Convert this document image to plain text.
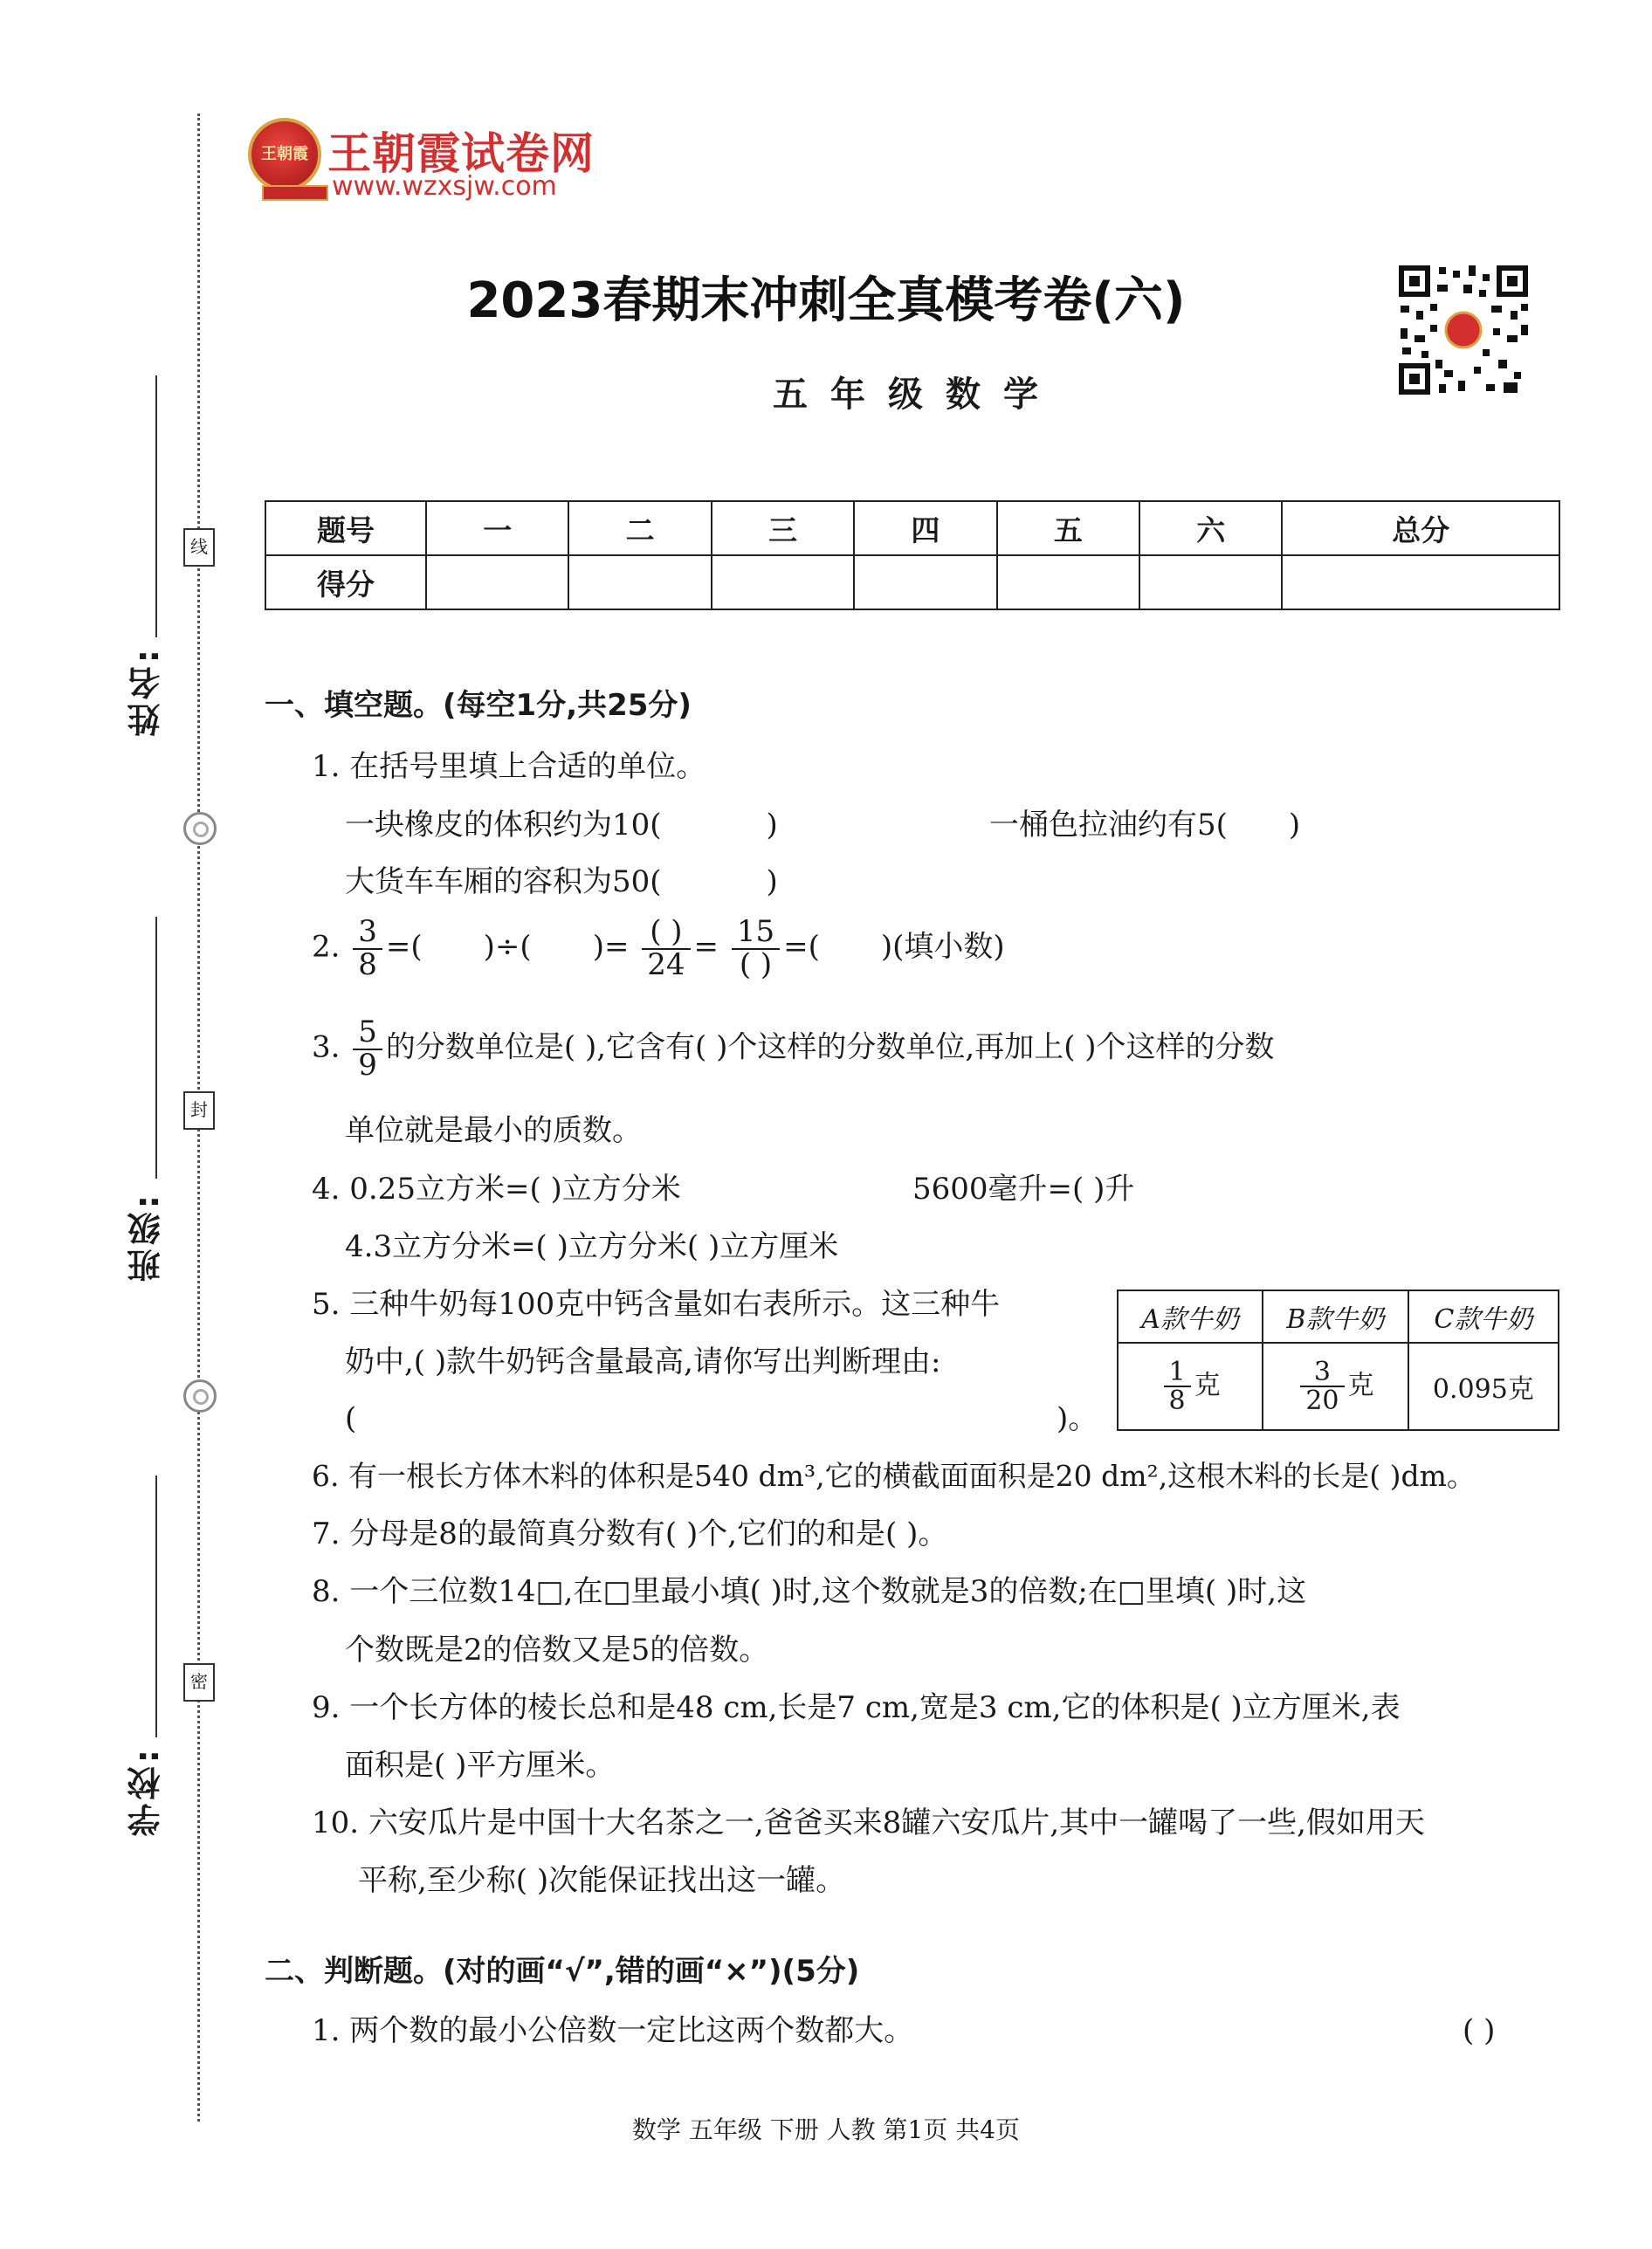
姓名:
班级:
学校:
线
封
密
王朝霞 王朝霞试卷网
www.wzxsjw.com
2023春期末冲刺全真模考卷(六)
五年级数学
题号	一	二	三	四	五	六	总分
得分							
一、填空题。(每空1分,共25分)
1. 在括号里填上合适的单位。
一块橡皮的体积约为10(	)	一桶色拉油约有5( )
大货车车厢的容积为50(	)
2. $\frac{3}{8}$ =( )÷( )= $\frac{( )}{24} = \frac{15}{( )}$ =( )(填小数)
3. $\frac{5}{9}$ 的分数单位是( ),它含有( )个这样的分数单位,再加上( )个这样的分数
单位就是最小的质数。
4. 0.25立方米=( )立方分米	5600毫升=( )升
4.3立方分米=( )立方分米( )立方厘米
5. 三种牛奶每100克中钙含量如右表所示。这三种牛
奶中,( )款牛奶钙含量最高,请你写出判断理由:
(	)。
A款牛奶	B款牛奶	C款牛奶

$\frac{1}{8}$ 克	$\frac{3}{20}$ 克	0.095克
6. 有一根长方体木料的体积是540 dm³,它的横截面面积是20 dm²,这根木料的长是( )dm。
7. 分母是8的最简真分数有( )个,它们的和是( )。
8. 一个三位数14□,在□里最小填( )时,这个数就是3的倍数;在□里填( )时,这
个数既是2的倍数又是5的倍数。
9. 一个长方体的棱长总和是48 cm,长是7 cm,宽是3 cm,它的体积是( )立方厘米,表
面积是( )平方厘米。
10. 六安瓜片是中国十大名茶之一,爸爸买来8罐六安瓜片,其中一罐喝了一些,假如用天
平称,至少称( )次能保证找出这一罐。
二、判断题。(对的画“√”,错的画“×”)(5分)
1. 两个数的最小公倍数一定比这两个数都大。	( )
数学 五年级 下册 人教 第1页 共4页
